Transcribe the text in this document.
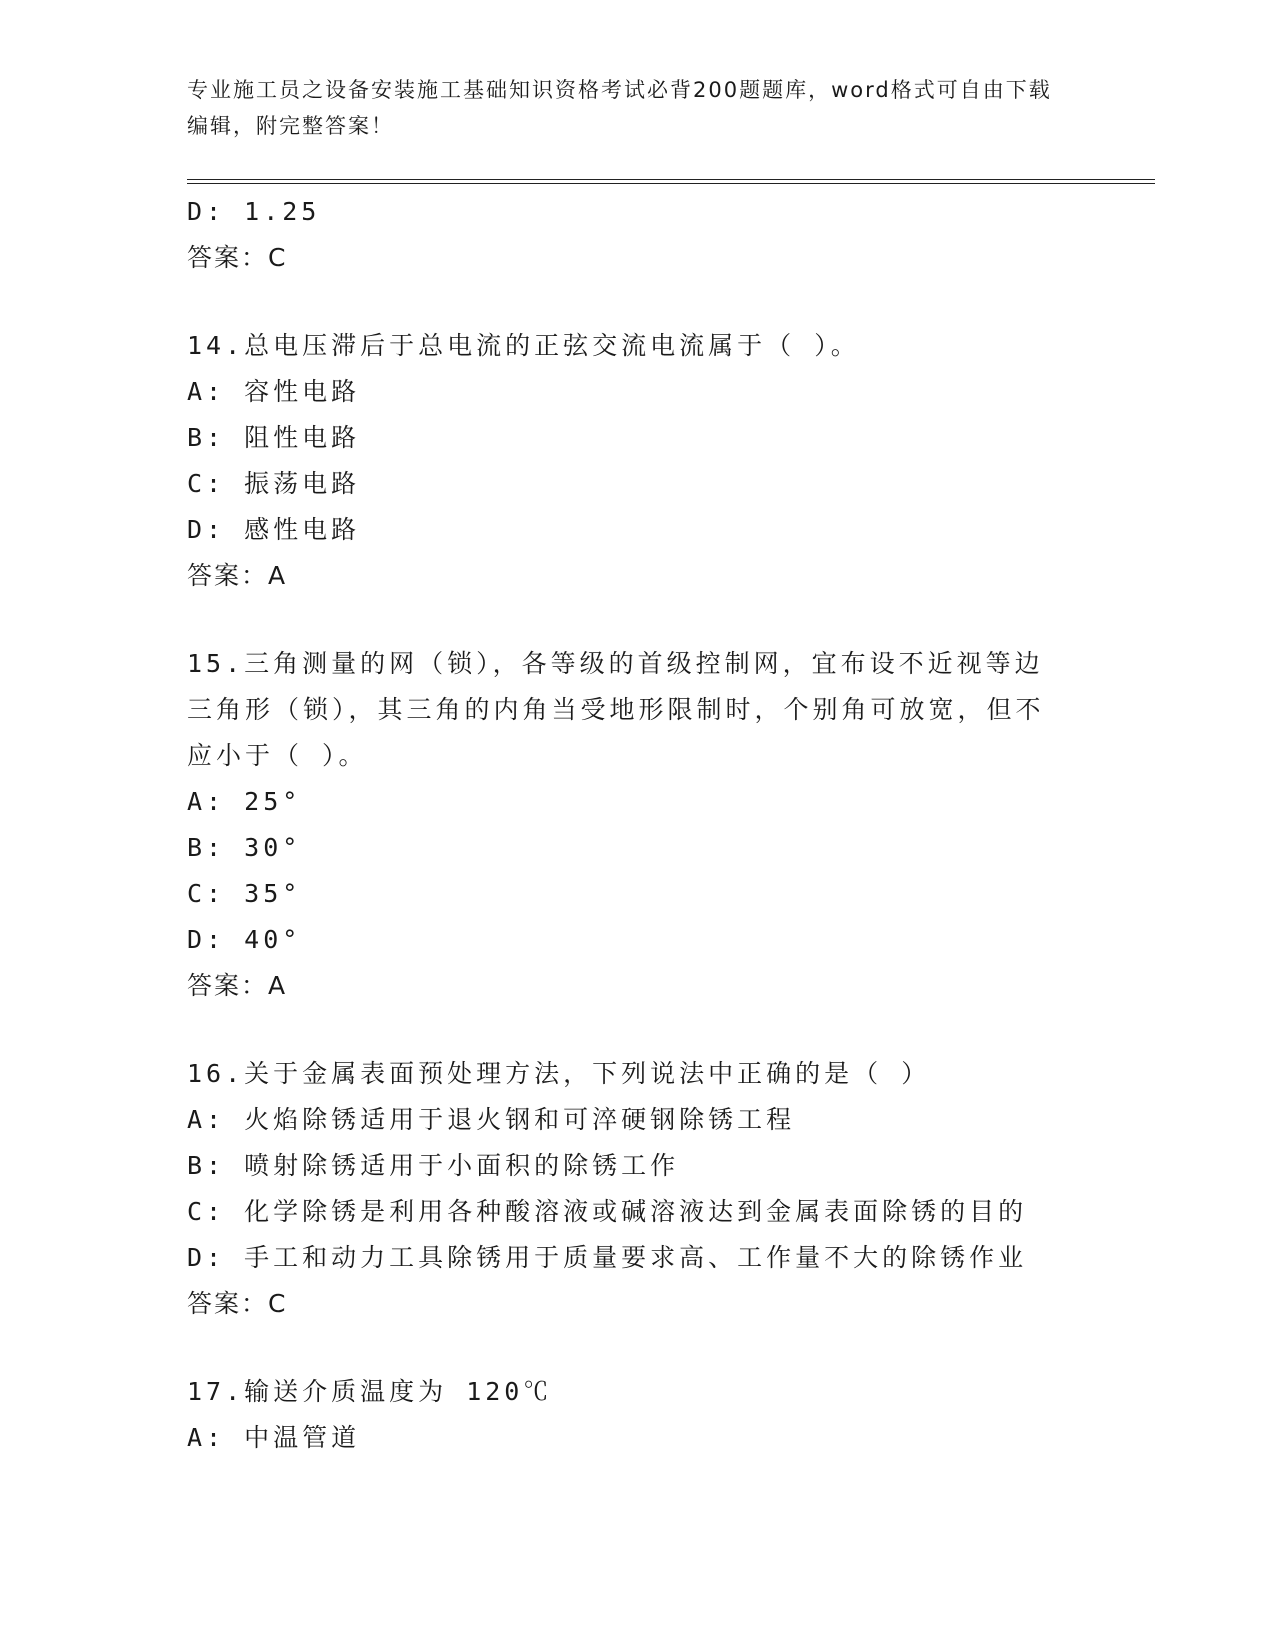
专业施工员之设备安装施工基础知识资格考试必背200题题库，word格式可自由下载编辑，附完整答案！
D: 1.25
答案：C
14.总电压滞后于总电流的正弦交流电流属于（ ）。
A: 容性电路
B: 阻性电路
C: 振荡电路
D: 感性电路
答案：A
15.三角测量的网（锁），各等级的首级控制网，宜布设不近视等边三角形（锁），其三角的内角当受地形限制时，个别角可放宽，但不应小于（ ）。
A: 25°
B: 30°
C: 35°
D: 40°
答案：A
16.关于金属表面预处理方法，下列说法中正确的是（ ）
A: 火焰除锈适用于退火钢和可淬硬钢除锈工程
B: 喷射除锈适用于小面积的除锈工作
C: 化学除锈是利用各种酸溶液或碱溶液达到金属表面除锈的目的
D: 手工和动力工具除锈用于质量要求高、工作量不大的除锈作业
答案：C
17.输送介质温度为 120℃
A: 中温管道
